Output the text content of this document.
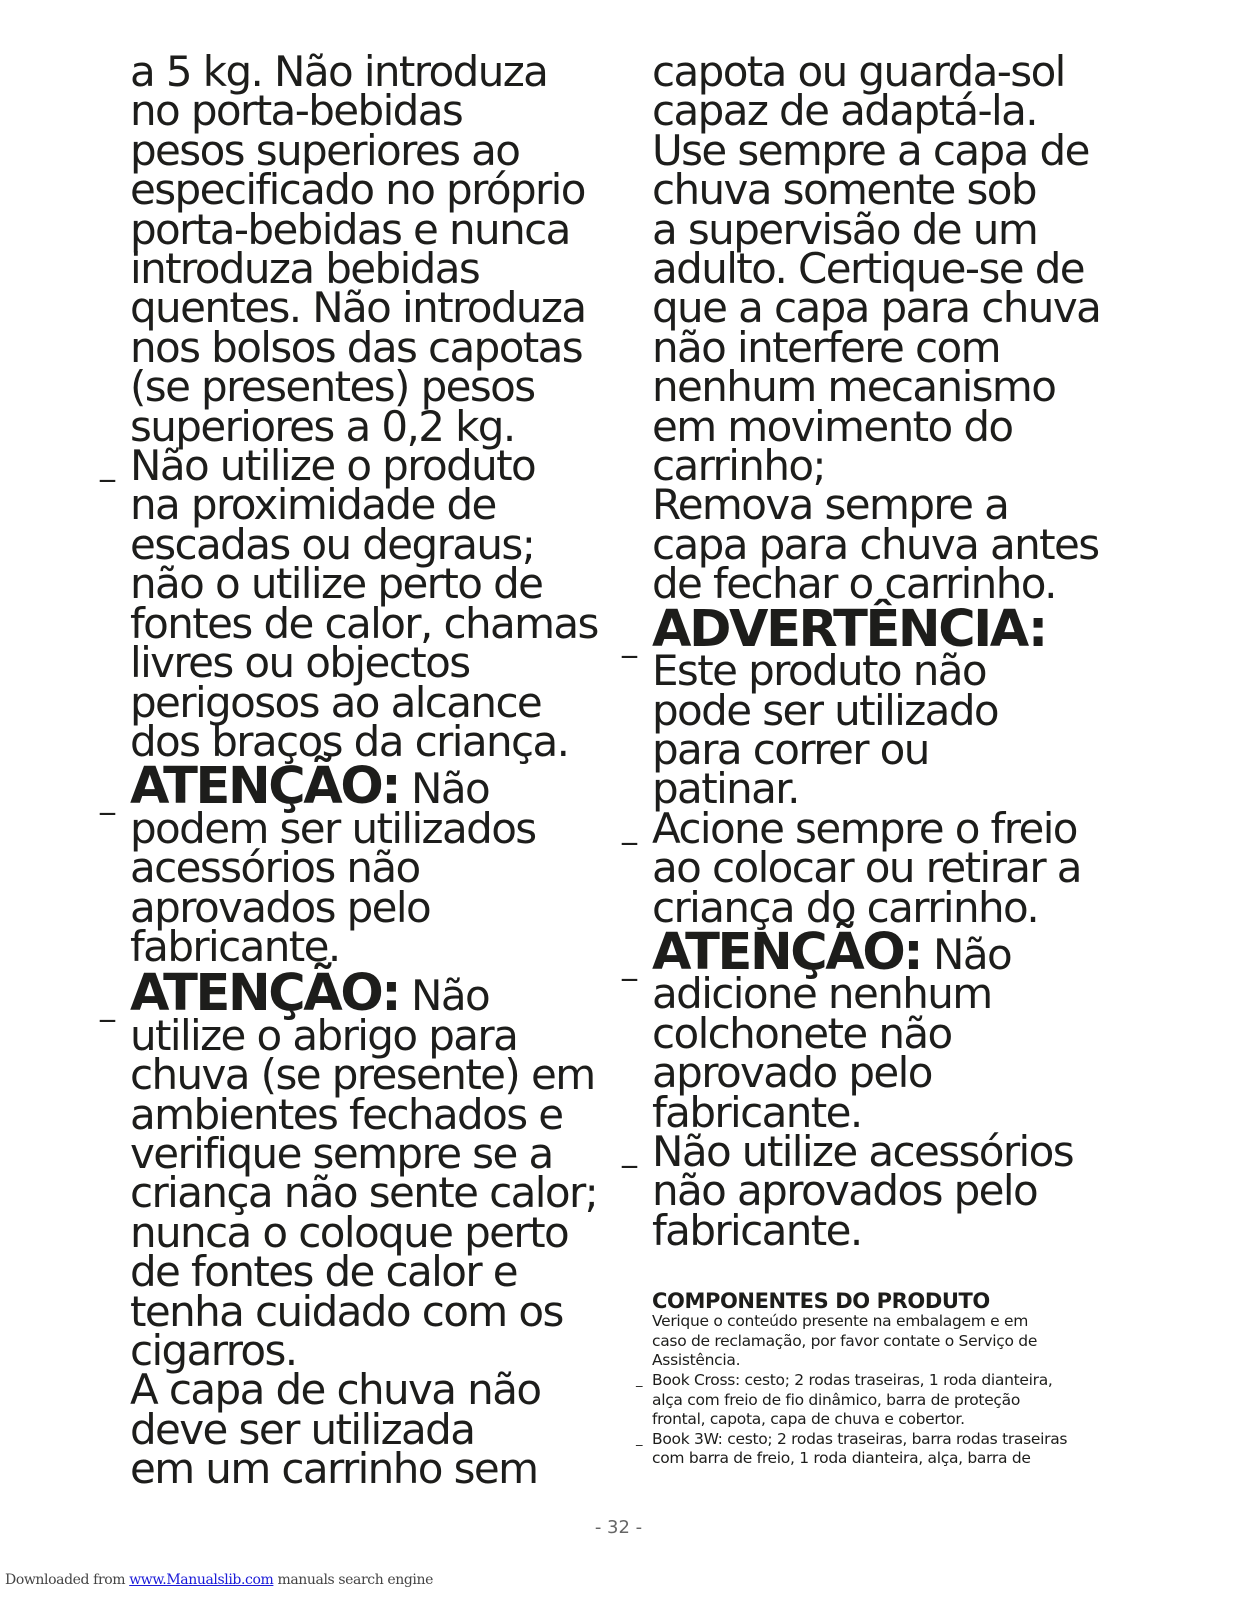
a 5 kg. Não introduza
no porta-bebidas
pesos superiores ao
especificado no próprio
porta-bebidas e nunca
introduza bebidas
quentes. Não introduza
nos bolsos das capotas
(se presentes) pesos
superiores a 0,2 kg.

_ Não utilize o produto
na proximidade de
escadas ou degraus;
não o utilize perto de
fontes de calor, chamas
livres ou objectos
perigosos ao alcance
dos braços da criança.

_ ATENÇÃO: Não
podem ser utilizados
acessórios não
aprovados pelo
fabricante.

_ ATENÇÃO: Não
utilize o abrigo para
chuva (se presente) em
ambientes fechados e
verifique sempre se a
criança não sente calor;
nunca o coloque perto
de fontes de calor e
tenha cuidado com os
cigarros.
A capa de chuva não
deve ser utilizada
em um carrinho sem

capota ou guarda-sol
capaz de adaptá-la.
Use sempre a capa de
chuva somente sob
a supervisão de um
adulto. Certique-se de
que a capa para chuva
não interfere com
nenhum mecanismo
em movimento do
carrinho;
Remova sempre a
capa para chuva antes
de fechar o carrinho.

_ ADVERTÊNCIA:
Este produto não
pode ser utilizado
para correr ou
patinar.

_ Acione sempre o freio
ao colocar ou retirar a
criança do carrinho.

_ ATENÇÃO: Não
adicione nenhum
colchonete não
aprovado pelo
fabricante.

_ Não utilize acessórios
não aprovados pelo
fabricante.

COMPONENTES DO PRODUTO

Verique o conteúdo presente na embalagem e em
caso de reclamação, por favor contate o Serviço de
Assistência.

_ Book Cross: cesto; 2 rodas traseiras, 1 roda dianteira,
alça com freio de fio dinâmico, barra de proteção
frontal, capota, capa de chuva e cobertor.

_ Book 3W: cesto; 2 rodas traseiras, barra rodas traseiras
com barra de freio, 1 roda dianteira, alça, barra de

- 32 -
Downloaded from www.Manualslib.com manuals search engine
